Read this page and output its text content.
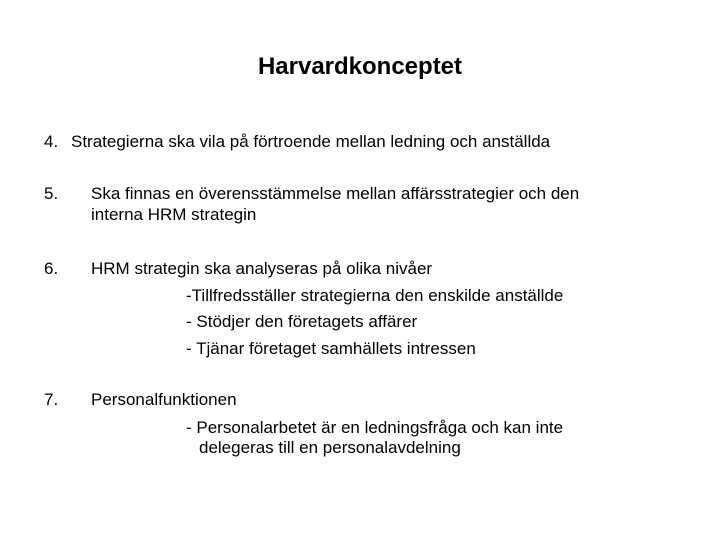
Harvardkonceptet
4. Strategierna ska vila på förtroende mellan ledning och anställda
5. Ska finnas en överensstämmelse mellan affärsstrategier och den
interna HRM strategin
6. HRM strategin ska analyseras på olika nivåer
-Tillfredsställer strategierna den enskilde anställde
- Stödjer den företagets affärer
- Tjänar företaget samhällets intressen
7. Personalfunktionen
- Personalarbetet är en ledningsfråga och kan inte
delegeras till en personalavdelning
